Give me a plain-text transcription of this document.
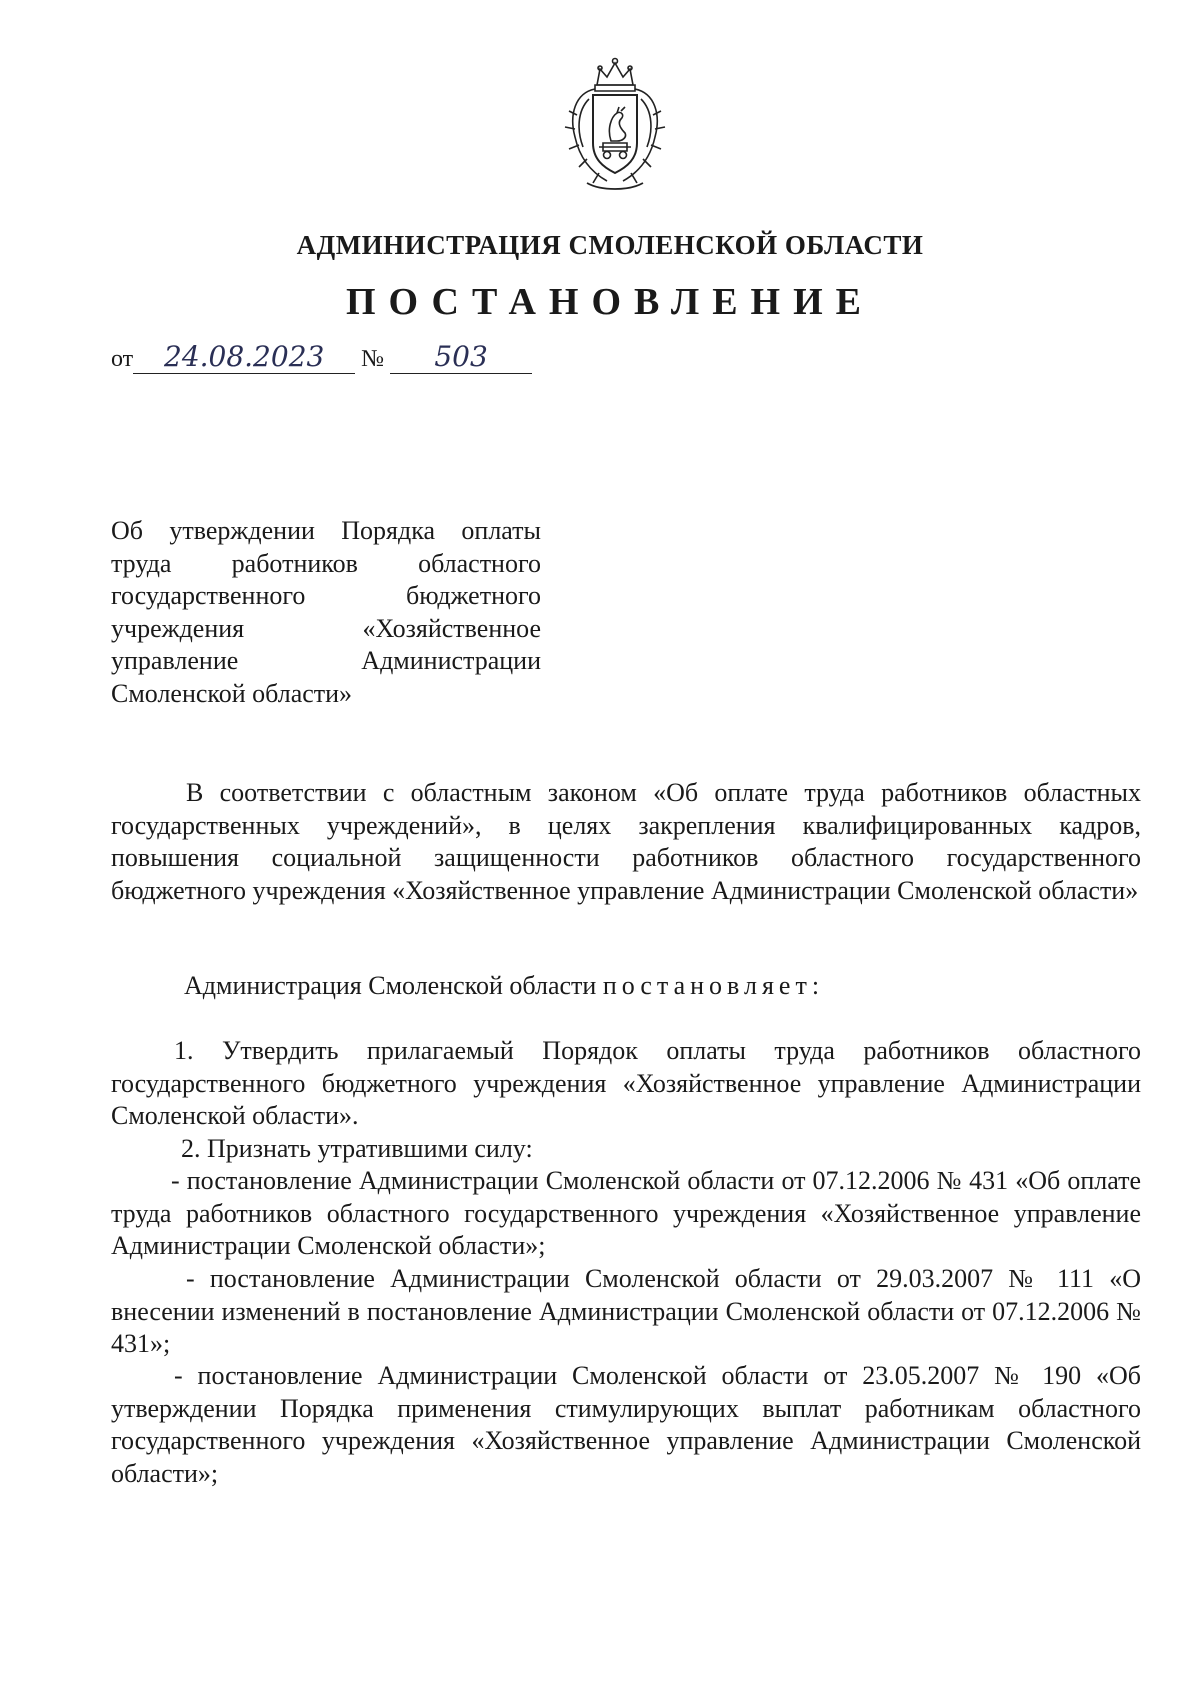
АДМИНИСТРАЦИЯ СМОЛЕНСКОЙ ОБЛАСТИ
ПОСТАНОВЛЕНИЕ
от 24.08.2023 № 503
Об утверждении Порядка оплаты труда работников областного государственного бюджетного учреждения «Хозяйственное управление Администрации Смоленской области»
В соответствии с областным законом «Об оплате труда работников областных государственных учреждений», в целях закрепления квалифицированных кадров, повышения социальной защищенности работников областного государственного бюджетного учреждения «Хозяйственное управление Администрации Смоленской области»
Администрация Смоленской области постановляет:
1. Утвердить прилагаемый Порядок оплаты труда работников областного государственного бюджетного учреждения «Хозяйственное управление Администрации Смоленской области».
2. Признать утратившими силу:
- постановление Администрации Смоленской области от 07.12.2006 № 431 «Об оплате труда работников областного государственного учреждения «Хозяйственное управление Администрации Смоленской области»;
- постановление Администрации Смоленской области от 29.03.2007 № 111 «О внесении изменений в постановление Администрации Смоленской области от 07.12.2006 № 431»;
- постановление Администрации Смоленской области от 23.05.2007 № 190 «Об утверждении Порядка применения стимулирующих выплат работникам областного государственного учреждения «Хозяйственное управление Администрации Смоленской области»;
